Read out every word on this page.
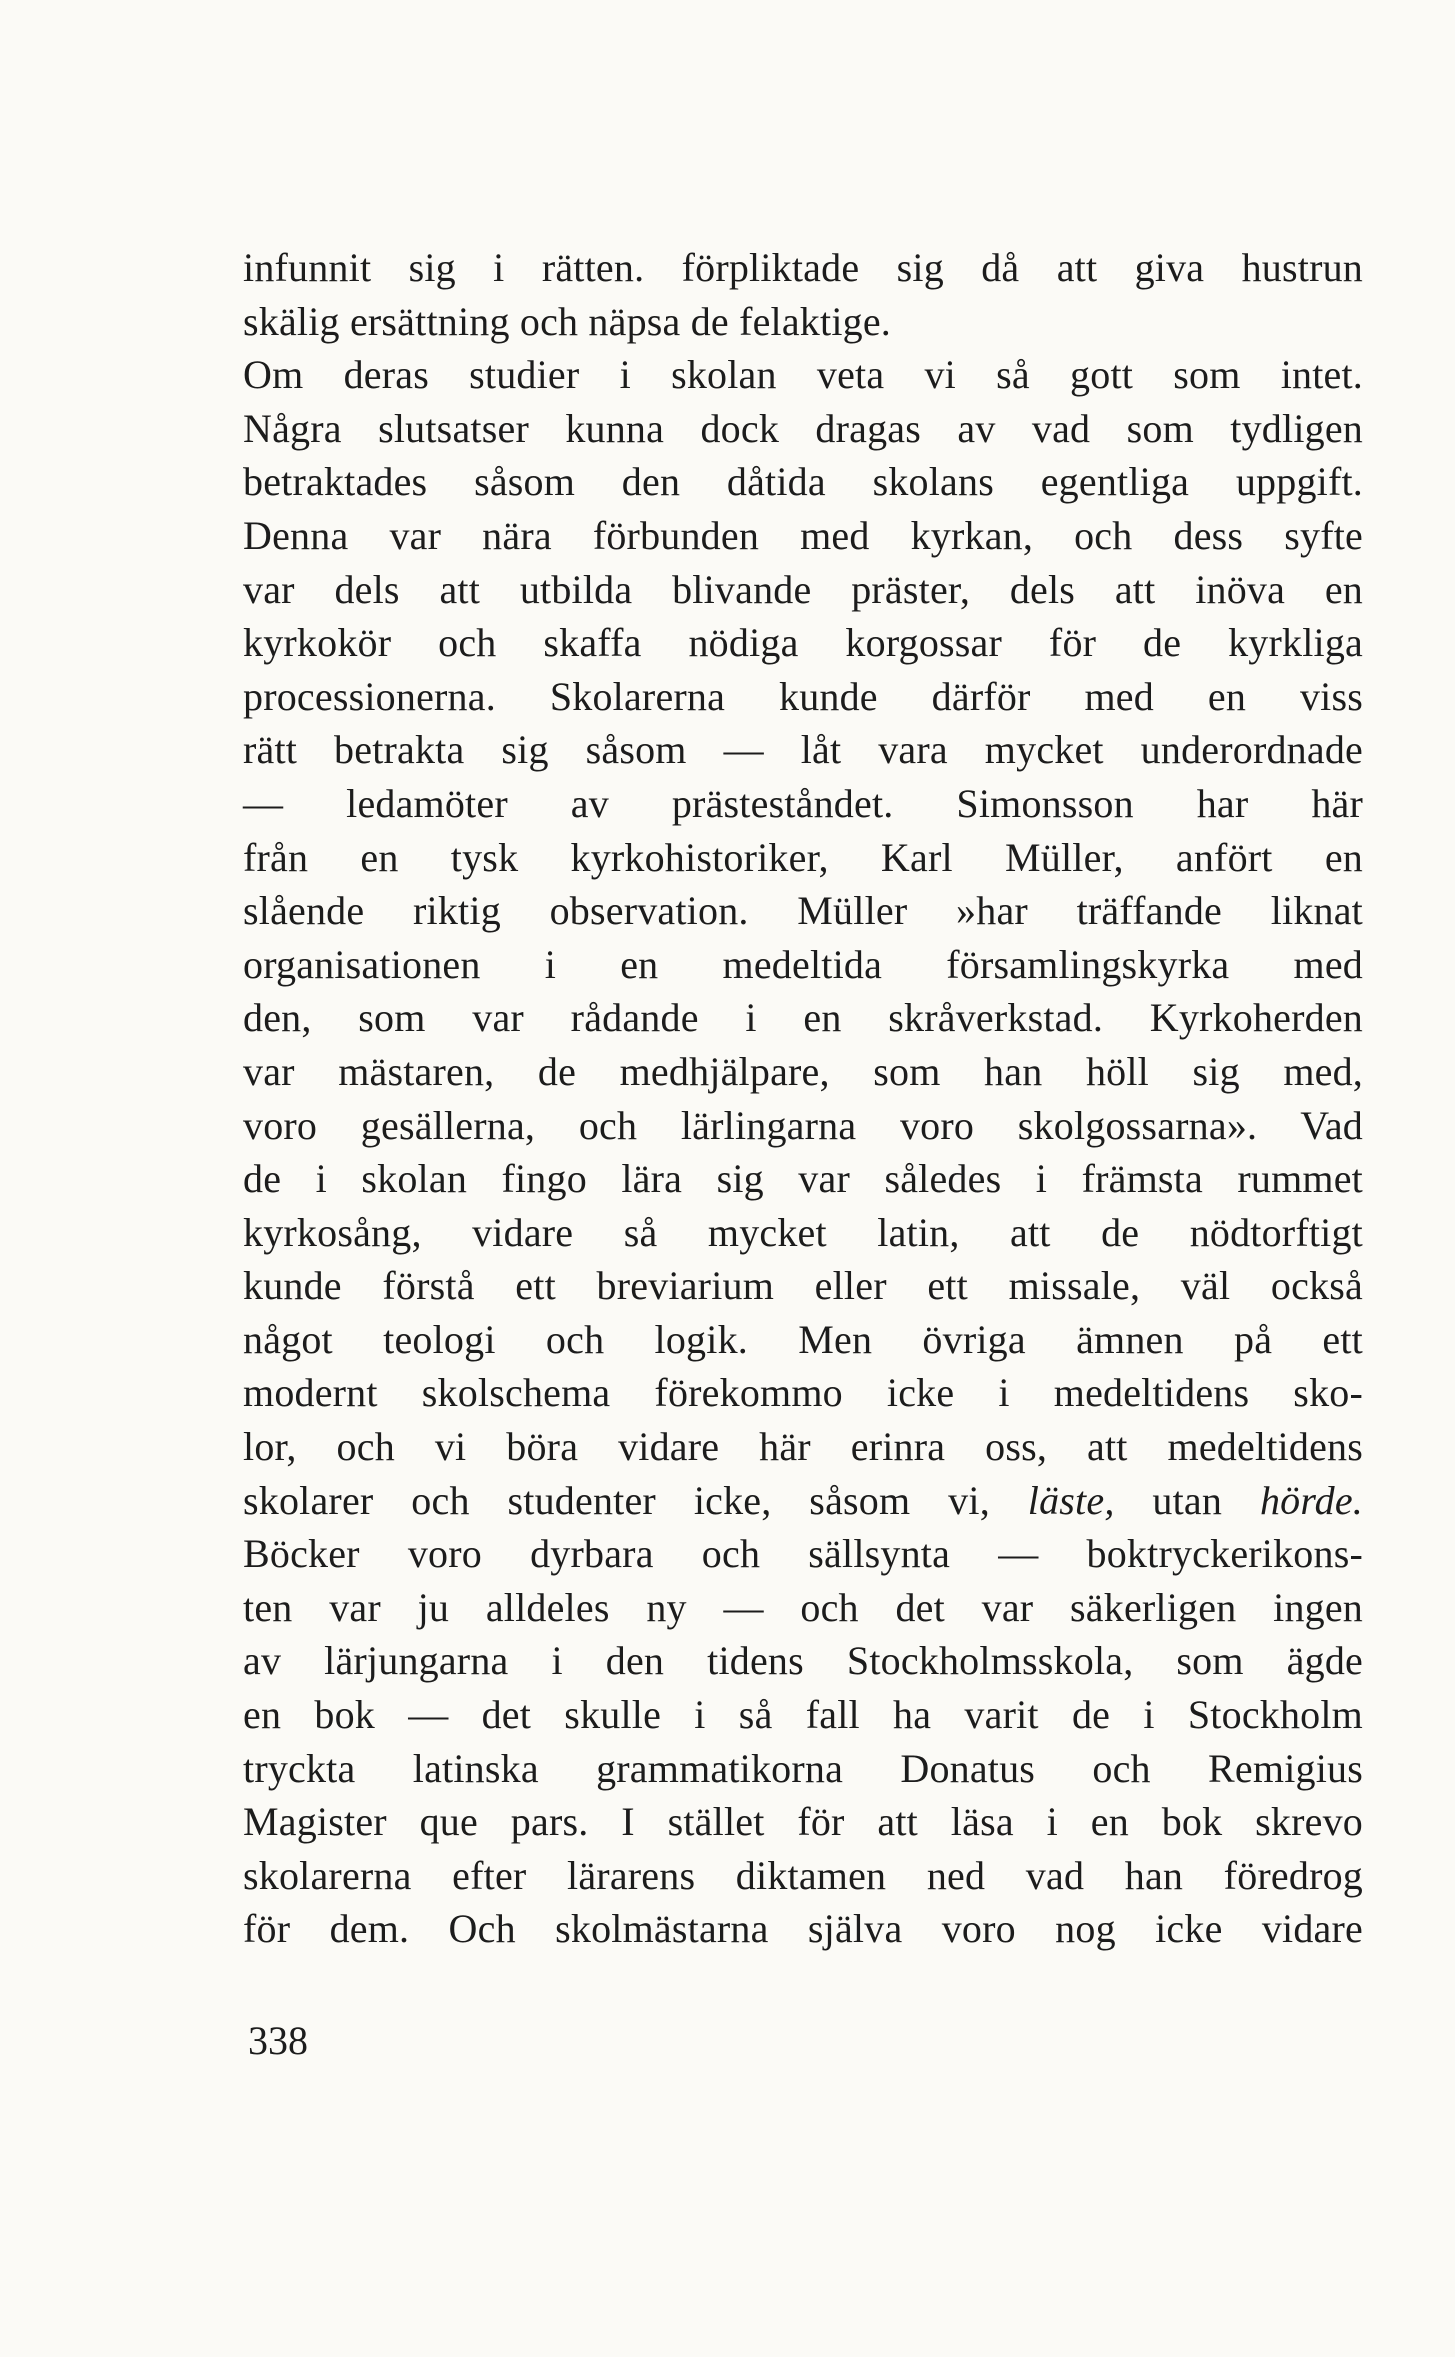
infunnit sig i rätten. förpliktade sig då att giva hustrun
skälig ersättning och näpsa de felaktige.
Om deras studier i skolan veta vi så gott som intet.
Några slutsatser kunna dock dragas av vad som tydligen
betraktades såsom den dåtida skolans egentliga uppgift.
Denna var nära förbunden med kyrkan, och dess syfte
var dels att utbilda blivande präster, dels att inöva en
kyrkokör och skaffa nödiga korgossar för de kyrkliga
processionerna. Skolarerna kunde därför med en viss
rätt betrakta sig såsom — låt vara mycket underordnade
— ledamöter av prästeståndet. Simonsson har här
från en tysk kyrkohistoriker, Karl Müller, anfört en
slående riktig observation. Müller »har träffande liknat
organisationen i en medeltida församlingskyrka med
den, som var rådande i en skråverkstad. Kyrkoherden
var mästaren, de medhjälpare, som han höll sig med,
voro gesällerna, och lärlingarna voro skolgossarna». Vad
de i skolan fingo lära sig var således i främsta rummet
kyrkosång, vidare så mycket latin, att de nödtorftigt
kunde förstå ett breviarium eller ett missale, väl också
något teologi och logik. Men övriga ämnen på ett
modernt skolschema förekommo icke i medeltidens sko-
lor, och vi böra vidare här erinra oss, att medeltidens
skolarer och studenter icke, såsom vi, läste, utan hörde.
Böcker voro dyrbara och sällsynta — boktryckerikons-
ten var ju alldeles ny — och det var säkerligen ingen
av lärjungarna i den tidens Stockholmsskola, som ägde
en bok — det skulle i så fall ha varit de i Stockholm
tryckta latinska grammatikorna Donatus och Remigius
Magister que pars. I stället för att läsa i en bok skrevo
skolarerna efter lärarens diktamen ned vad han föredrog
för dem. Och skolmästarna själva voro nog icke vidare
338
